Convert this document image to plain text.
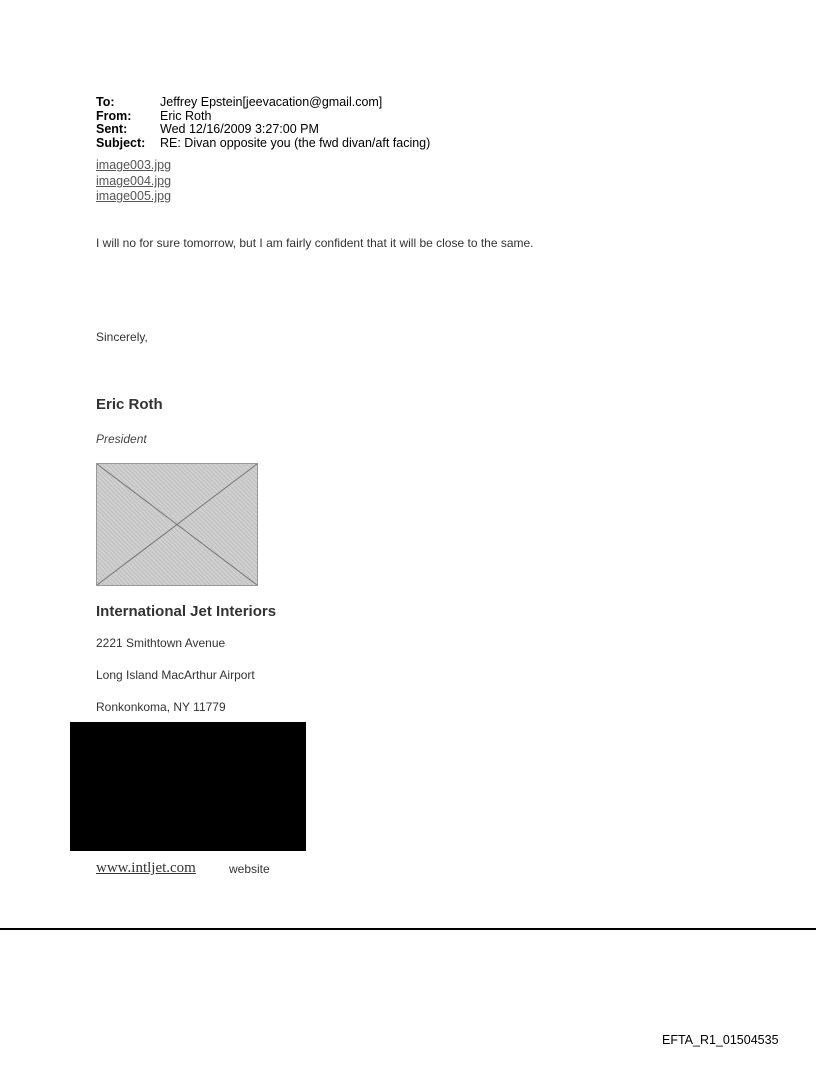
To:	Jeffrey Epstein[jeevacation@gmail.com]
From:	Eric Roth
Sent:	Wed 12/16/2009 3:27:00 PM
Subject:	RE: Divan opposite you (the fwd divan/aft facing)
image003.jpg
image004.jpg
image005.jpg
I will no for sure tomorrow, but I am fairly confident that it will be close to the same.
Sincerely,
Eric Roth
President
International Jet Interiors
2221 Smithtown Avenue
Long Island MacArthur Airport
Ronkonkoma, NY 11779
www.intljet.com	website
EFTA_R1_01504535
